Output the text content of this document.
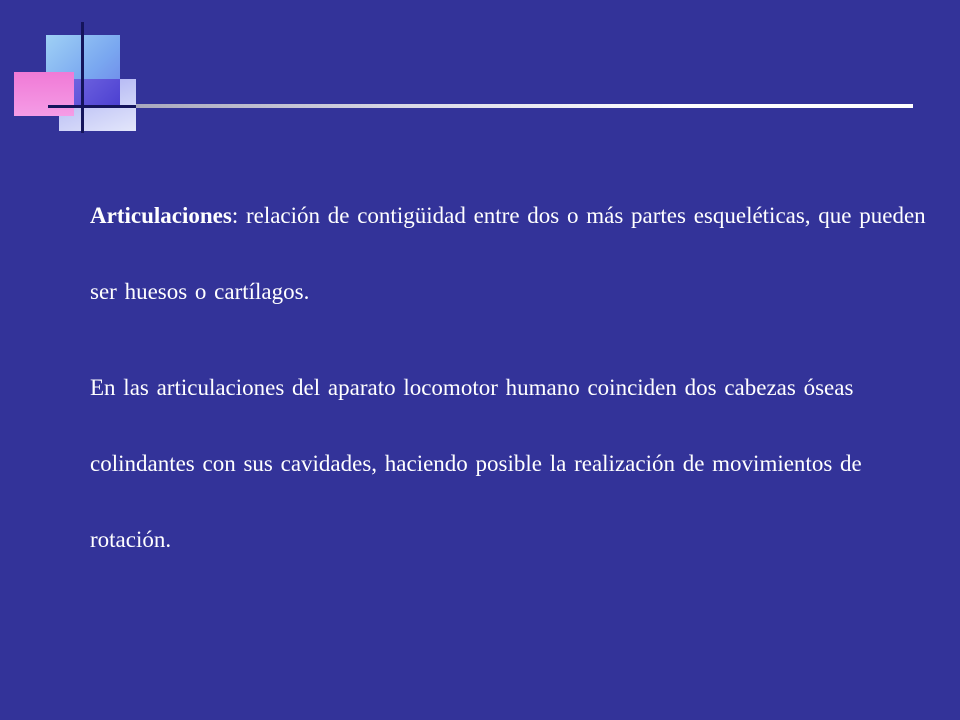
Articulaciones: relación de contigüidad entre dos o más partes esqueléticas, que pueden ser huesos o cartílagos.
En las articulaciones del aparato locomotor humano coinciden dos cabezas óseas colindantes con sus cavidades, haciendo posible la realización de movimientos de rotación.
